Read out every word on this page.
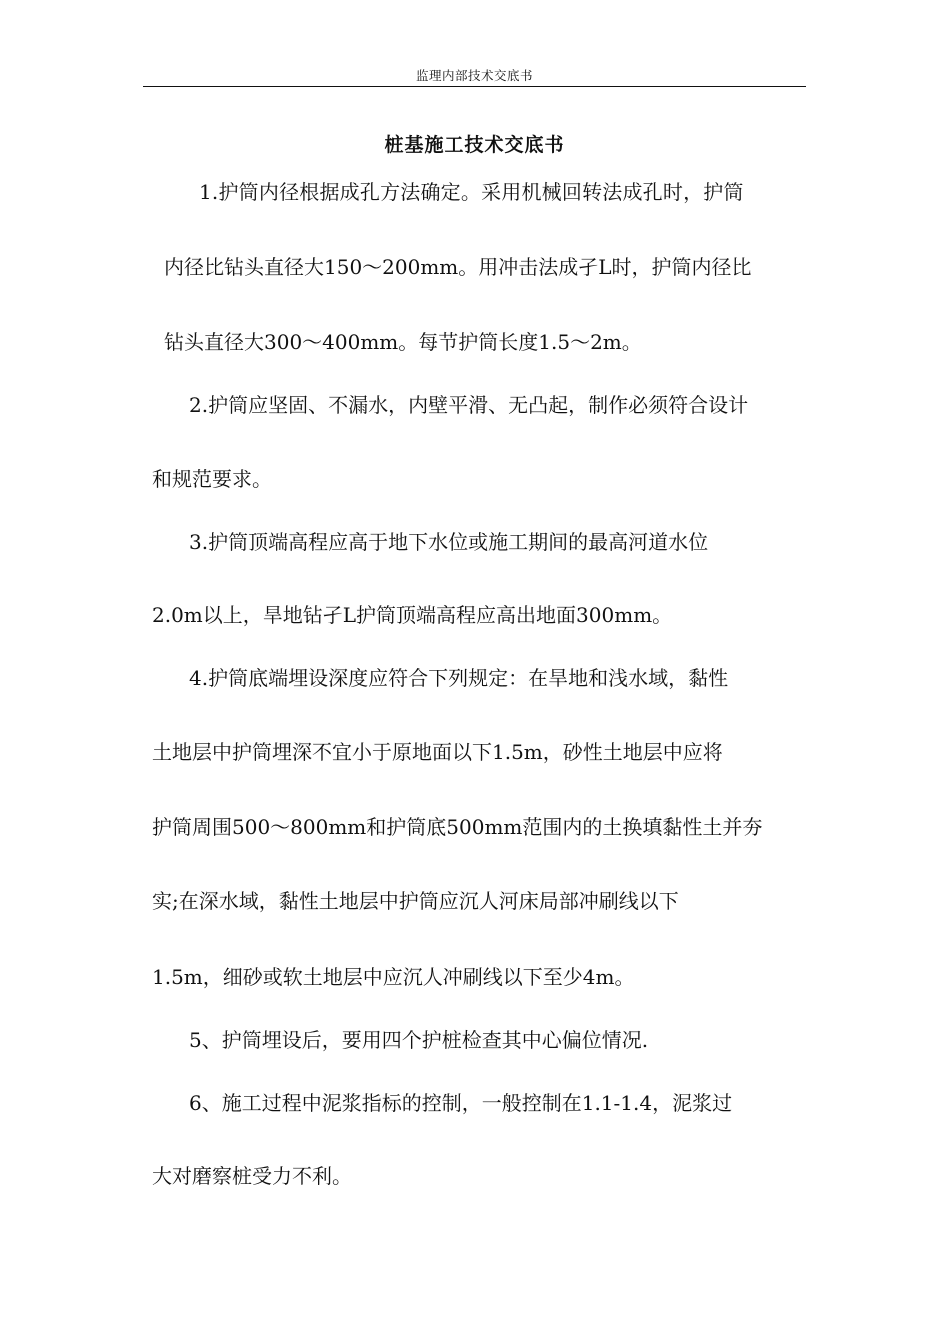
监理内部技术交底书
桩基施工技术交底书
1.护筒内径根据成孔方法确定。采用机械回转法成孔时，护筒
内径比钻头直径大150～200mm。用冲击法成孑L时，护筒内径比
钻头直径大300～400mm。每节护筒长度1.5～2m。
2.护筒应坚固、不漏水，内壁平滑、无凸起，制作必须符合设计
和规范要求。
3.护筒顶端高程应高于地下水位或施工期间的最高河道水位
2.0m以上，旱地钻孑L护筒顶端高程应高出地面300mm。
4.护筒底端埋设深度应符合下列规定：在旱地和浅水域，黏性
土地层中护筒埋深不宜小于原地面以下1.5m，砂性土地层中应将
护筒周围500～800mm和护筒底500mm范围内的土换填黏性土并夯
实;在深水域，黏性土地层中护筒应沉人河床局部冲刷线以下
1.5m，细砂或软土地层中应沉人冲刷线以下至少4m。
5、护筒埋设后，要用四个护桩检查其中心偏位情况.
6、施工过程中泥浆指标的控制，一般控制在1.1-1.4，泥浆过
大对磨察桩受力不利。
